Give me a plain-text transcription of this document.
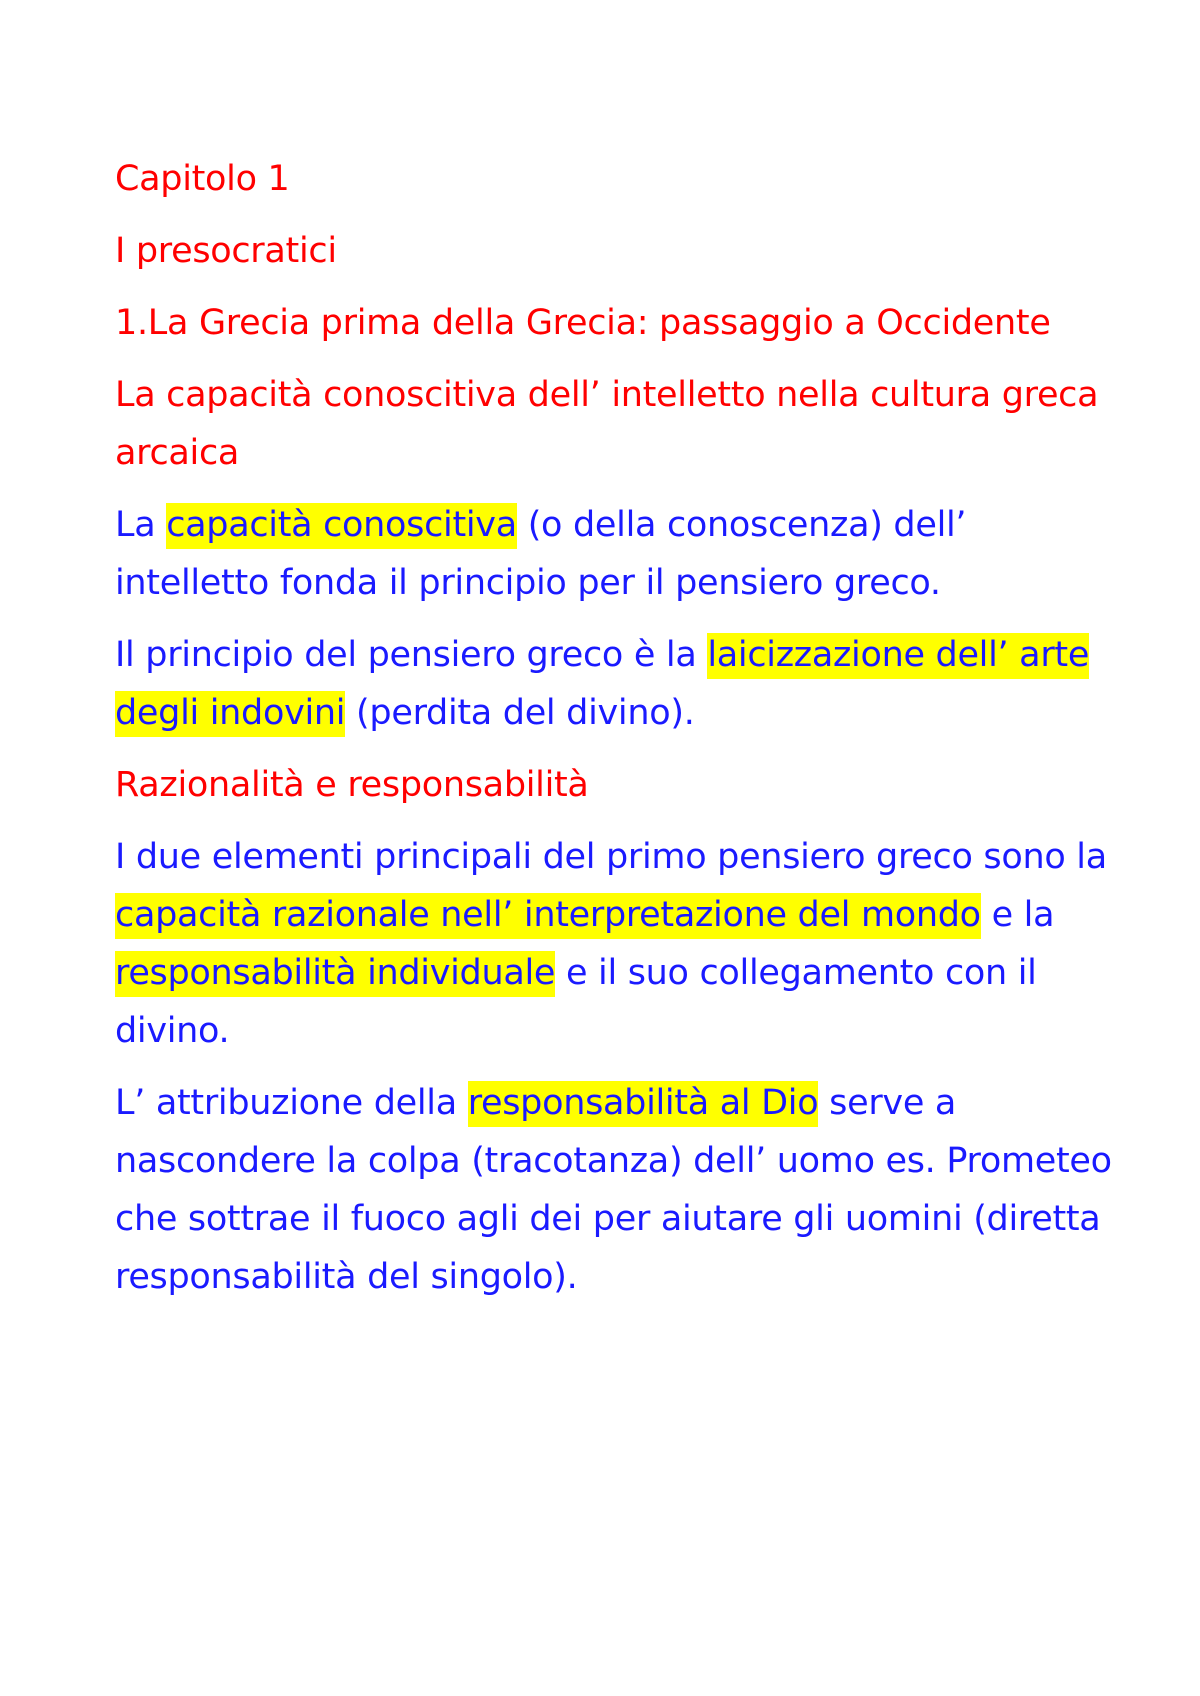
Capitolo 1

I presocratici

1.La Grecia prima della Grecia: passaggio a Occidente

La capacità conoscitiva dell’ intelletto nella cultura greca arcaica

La capacità conoscitiva (o della conoscenza) dell’ intelletto fonda il principio per il pensiero greco.

Il principio del pensiero greco è la laicizzazione dell’ arte degli indovini (perdita del divino).

Razionalità e responsabilità

I due elementi principali del primo pensiero greco sono la capacità razionale nell’ interpretazione del mondo e la responsabilità individuale e il suo collegamento con il divino.

L’ attribuzione della responsabilità al Dio serve a nascondere la colpa (tracotanza) dell’ uomo es. Prometeo che sottrae il fuoco agli dei per aiutare gli uomini (diretta responsabilità del singolo).
